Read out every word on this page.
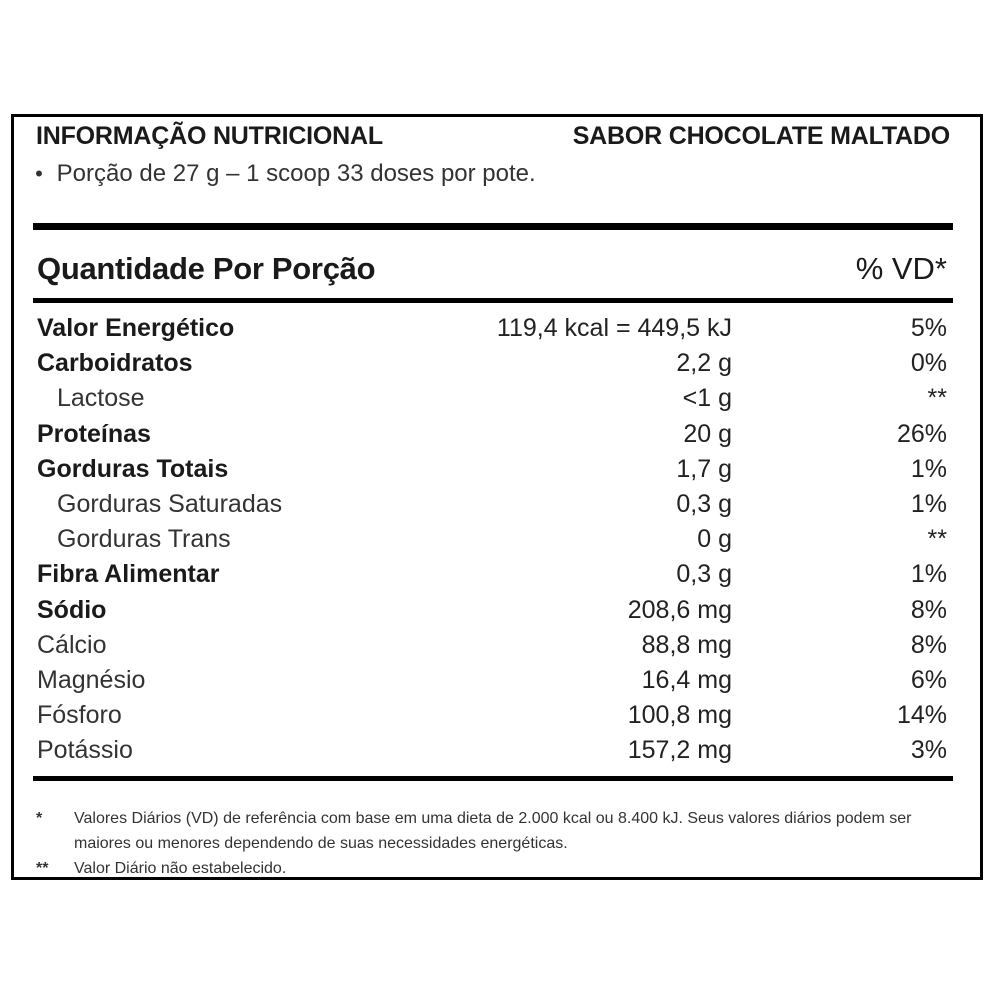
INFORMAÇÃO NUTRICIONAL	SABOR CHOCOLATE MALTADO
• Porção de 27 g – 1 scoop 33 doses por pote.
Quantidade Por Porção	% VD*
Valor Energético	119,4 kcal = 449,5 kJ	5%
Carboidratos	2,2 g	0%
Lactose	<1 g	**
Proteínas	20 g	26%
Gorduras Totais	1,7 g	1%
Gorduras Saturadas	0,3 g	1%
Gorduras Trans	0 g	**
Fibra Alimentar	0,3 g	1%
Sódio	208,6 mg	8%
Cálcio	88,8 mg	8%
Magnésio	16,4 mg	6%
Fósforo	100,8 mg	14%
Potássio	157,2 mg	3%
* Valores Diários (VD) de referência com base em uma dieta de 2.000 kcal ou 8.400 kJ. Seus valores diários podem ser maiores ou menores dependendo de suas necessidades energéticas.
** Valor Diário não estabelecido.
